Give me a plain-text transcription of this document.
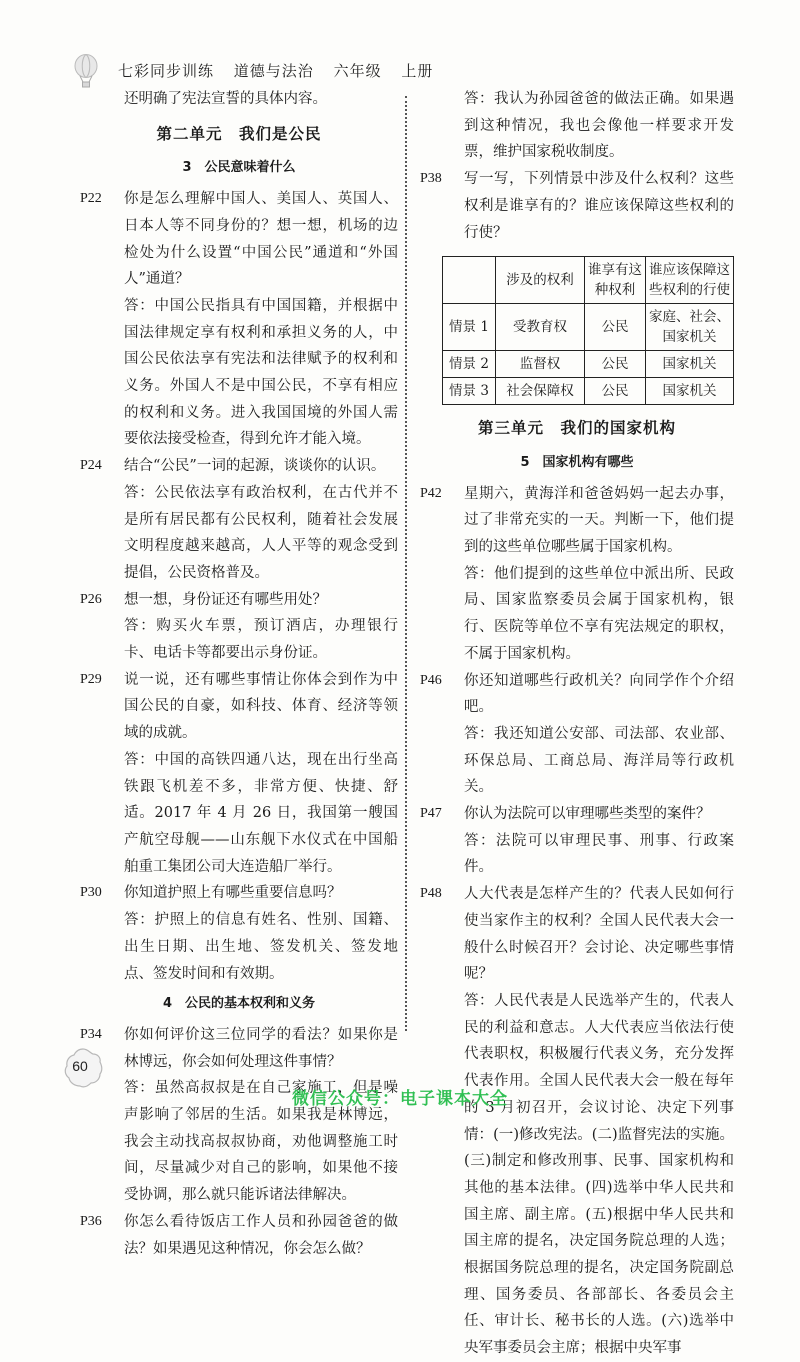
七彩同步训练 道德与法治 六年级 上册
还明确了宪法宣誓的具体内容。
第二单元　我们是公民
3　公民意味着什么
P22 你是怎么理解中国人、美国人、英国人、日本人等不同身份的？想一想，机场的边检处为什么设置“中国公民”通道和“外国人”通道？
答：中国公民指具有中国国籍，并根据中国法律规定享有权利和承担义务的人，中国公民依法享有宪法和法律赋予的权利和义务。外国人不是中国公民，不享有相应的权利和义务。进入我国国境的外国人需要依法接受检查，得到允许才能入境。
P24 结合“公民”一词的起源，谈谈你的认识。
答：公民依法享有政治权利，在古代并不是所有居民都有公民权利，随着社会发展文明程度越来越高，人人平等的观念受到提倡，公民资格普及。
P26 想一想，身份证还有哪些用处？
答：购买火车票，预订酒店，办理银行卡、电话卡等都要出示身份证。
P29 说一说，还有哪些事情让你体会到作为中国公民的自豪，如科技、体育、经济等领域的成就。
答：中国的高铁四通八达，现在出行坐高铁跟飞机差不多，非常方便、快捷、舒适。2017 年 4 月 26 日，我国第一艘国产航空母舰——山东舰下水仪式在中国船舶重工集团公司大连造船厂举行。
P30 你知道护照上有哪些重要信息吗？
答：护照上的信息有姓名、性别、国籍、出生日期、出生地、签发机关、签发地点、签发时间和有效期。
4　公民的基本权利和义务
P34 你如何评价这三位同学的看法？如果你是林博远，你会如何处理这件事情？
答：虽然高叔叔是在自己家施工，但是噪声影响了邻居的生活。如果我是林博远，我会主动找高叔叔协商，劝他调整施工时间，尽量减少对自己的影响，如果他不接受协调，那么就只能诉诸法律解决。
P36 你怎么看待饭店工作人员和孙园爸爸的做法？如果遇见这种情况，你会怎么做？
答：我认为孙园爸爸的做法正确。如果遇到这种情况，我也会像他一样要求开发票，维护国家税收制度。
P38 写一写，下列情景中涉及什么权利？这些权利是谁享有的？谁应该保障这些权利的行使？
	涉及的权利	谁享有这种权利	谁应该保障这些权利的行使
情景 1	受教育权	公民	家庭、社会、国家机关
情景 2	监督权	公民	国家机关
情景 3	社会保障权	公民	国家机关
第三单元　我们的国家机构
5　国家机构有哪些
P42 星期六，黄海洋和爸爸妈妈一起去办事，过了非常充实的一天。判断一下，他们提到的这些单位哪些属于国家机构。
答：他们提到的这些单位中派出所、民政局、国家监察委员会属于国家机构，银行、医院等单位不享有宪法规定的职权，不属于国家机构。
P46 你还知道哪些行政机关？向同学作个介绍吧。
答：我还知道公安部、司法部、农业部、环保总局、工商总局、海洋局等行政机关。
P47 你认为法院可以审理哪些类型的案件？
答：法院可以审理民事、刑事、行政案件。
P48 人大代表是怎样产生的？代表人民如何行使当家作主的权利？全国人民代表大会一般什么时候召开？会讨论、决定哪些事情呢？
答：人民代表是人民选举产生的，代表人民的利益和意志。人大代表应当依法行使代表职权，积极履行代表义务，充分发挥代表作用。全国人民代表大会一般在每年的 3 月初召开，会议讨论、决定下列事情：(一)修改宪法。(二)监督宪法的实施。(三)制定和修改刑事、民事、国家机构和其他的基本法律。(四)选举中华人民共和国主席、副主席。(五)根据中华人民共和国主席的提名，决定国务院总理的人选；根据国务院总理的提名，决定国务院副总理、国务委员、各部部长、各委员会主任、审计长、秘书长的人选。(六)选举中央军事委员会主席；根据中央军事
60
微信公众号：电子课本大全
